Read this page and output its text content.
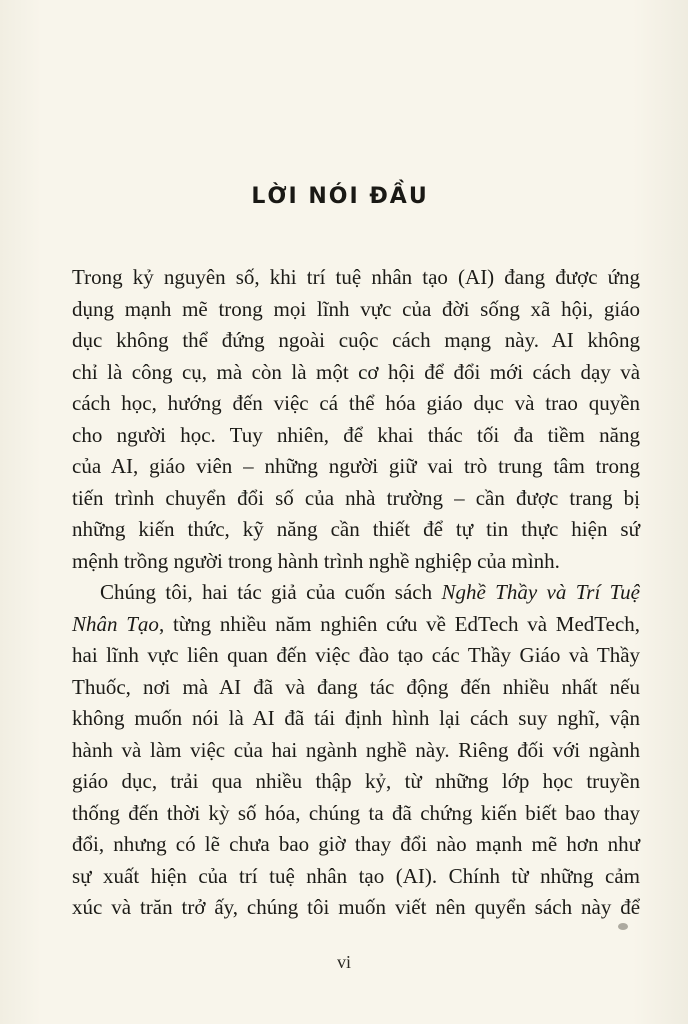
LỜI NÓI ĐẦU
Trong kỷ nguyên số, khi trí tuệ nhân tạo (AI) đang được ứng
dụng mạnh mẽ trong mọi lĩnh vực của đời sống xã hội, giáo
dục không thể đứng ngoài cuộc cách mạng này. AI không
chỉ là công cụ, mà còn là một cơ hội để đổi mới cách dạy và
cách học, hướng đến việc cá thể hóa giáo dục và trao quyền
cho người học. Tuy nhiên, để khai thác tối đa tiềm năng
của AI, giáo viên – những người giữ vai trò trung tâm trong
tiến trình chuyển đổi số của nhà trường – cần được trang bị
những kiến thức, kỹ năng cần thiết để tự tin thực hiện sứ
mệnh trồng người trong hành trình nghề nghiệp của mình.
Chúng tôi, hai tác giả của cuốn sách Nghề Thầy và Trí Tuệ
Nhân Tạo, từng nhiều năm nghiên cứu về EdTech và MedTech,
hai lĩnh vực liên quan đến việc đào tạo các Thầy Giáo và Thầy
Thuốc, nơi mà AI đã và đang tác động đến nhiều nhất nếu
không muốn nói là AI đã tái định hình lại cách suy nghĩ, vận
hành và làm việc của hai ngành nghề này. Riêng đối với ngành
giáo dục, trải qua nhiều thập kỷ, từ những lớp học truyền
thống đến thời kỳ số hóa, chúng ta đã chứng kiến biết bao thay
đổi, nhưng có lẽ chưa bao giờ thay đổi nào mạnh mẽ hơn như
sự xuất hiện của trí tuệ nhân tạo (AI). Chính từ những cảm
xúc và trăn trở ấy, chúng tôi muốn viết nên quyển sách này để
vi
